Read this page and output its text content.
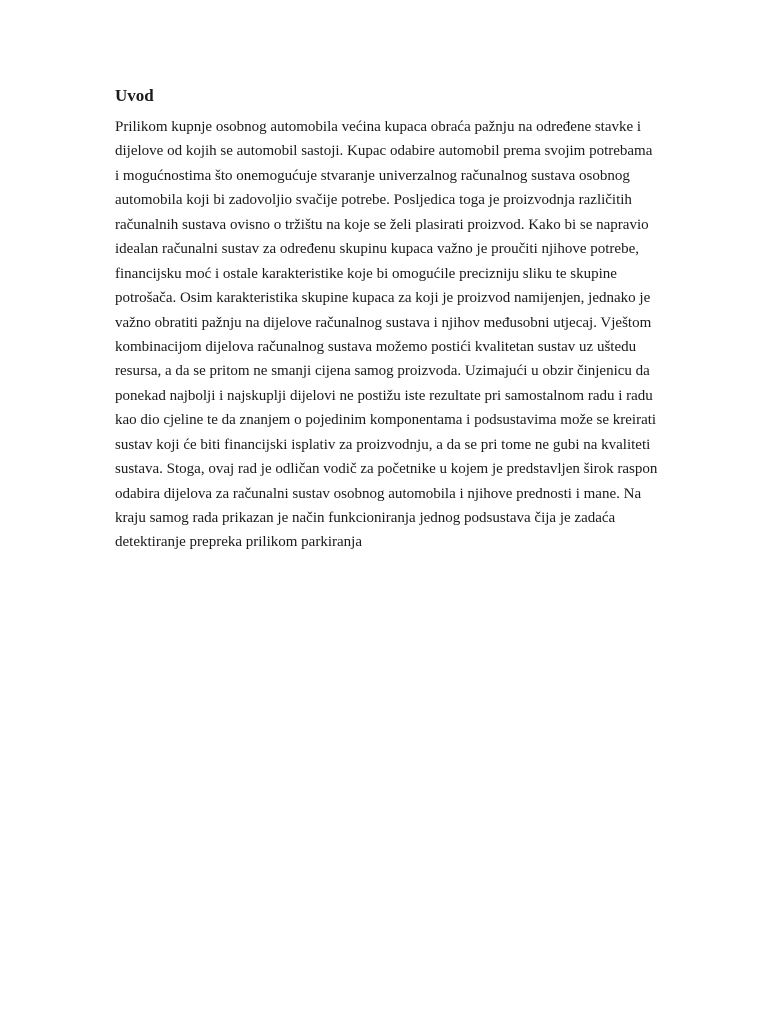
Uvod
Prilikom kupnje osobnog automobila većina kupaca obraća pažnju na određene stavke i
dijelove od kojih se automobil sastoji. Kupac odabire automobil prema svojim potrebama
i mogućnostima što onemogućuje stvaranje univerzalnog računalnog sustava osobnog
automobila koji bi zadovoljio svačije potrebe. Posljedica toga je proizvodnja različitih
računalnih sustava ovisno o tržištu na koje se želi plasirati proizvod. Kako bi se napravio
idealan računalni sustav za određenu skupinu kupaca važno je proučiti njihove potrebe,
financijsku moć i ostale karakteristike koje bi omogućile precizniju sliku te skupine
potrošača. Osim karakteristika skupine kupaca za koji je proizvod namijenjen, jednako je
važno obratiti pažnju na dijelove računalnog sustava i njihov međusobni utjecaj. Vještom
kombinacijom dijelova računalnog sustava možemo postići kvalitetan sustav uz uštedu
resursa, a da se pritom ne smanji cijena samog proizvoda. Uzimajući u obzir činjenicu da
ponekad najbolji i najskuplji dijelovi ne postižu iste rezultate pri samostalnom radu i radu
kao dio cjeline te da znanjem o pojedinim komponentama i podsustavima može se kreirati
sustav koji će biti financijski isplativ za proizvodnju, a da se pri tome ne gubi na kvaliteti
sustava. Stoga, ovaj rad je odličan vodič za početnike u kojem je predstavljen širok raspon
odabira dijelova za računalni sustav osobnog automobila i njihove prednosti i mane. Na
kraju samog rada prikazan je način funkcioniranja jednog podsustava čija je zadaća
detektiranje prepreka prilikom parkiranja
